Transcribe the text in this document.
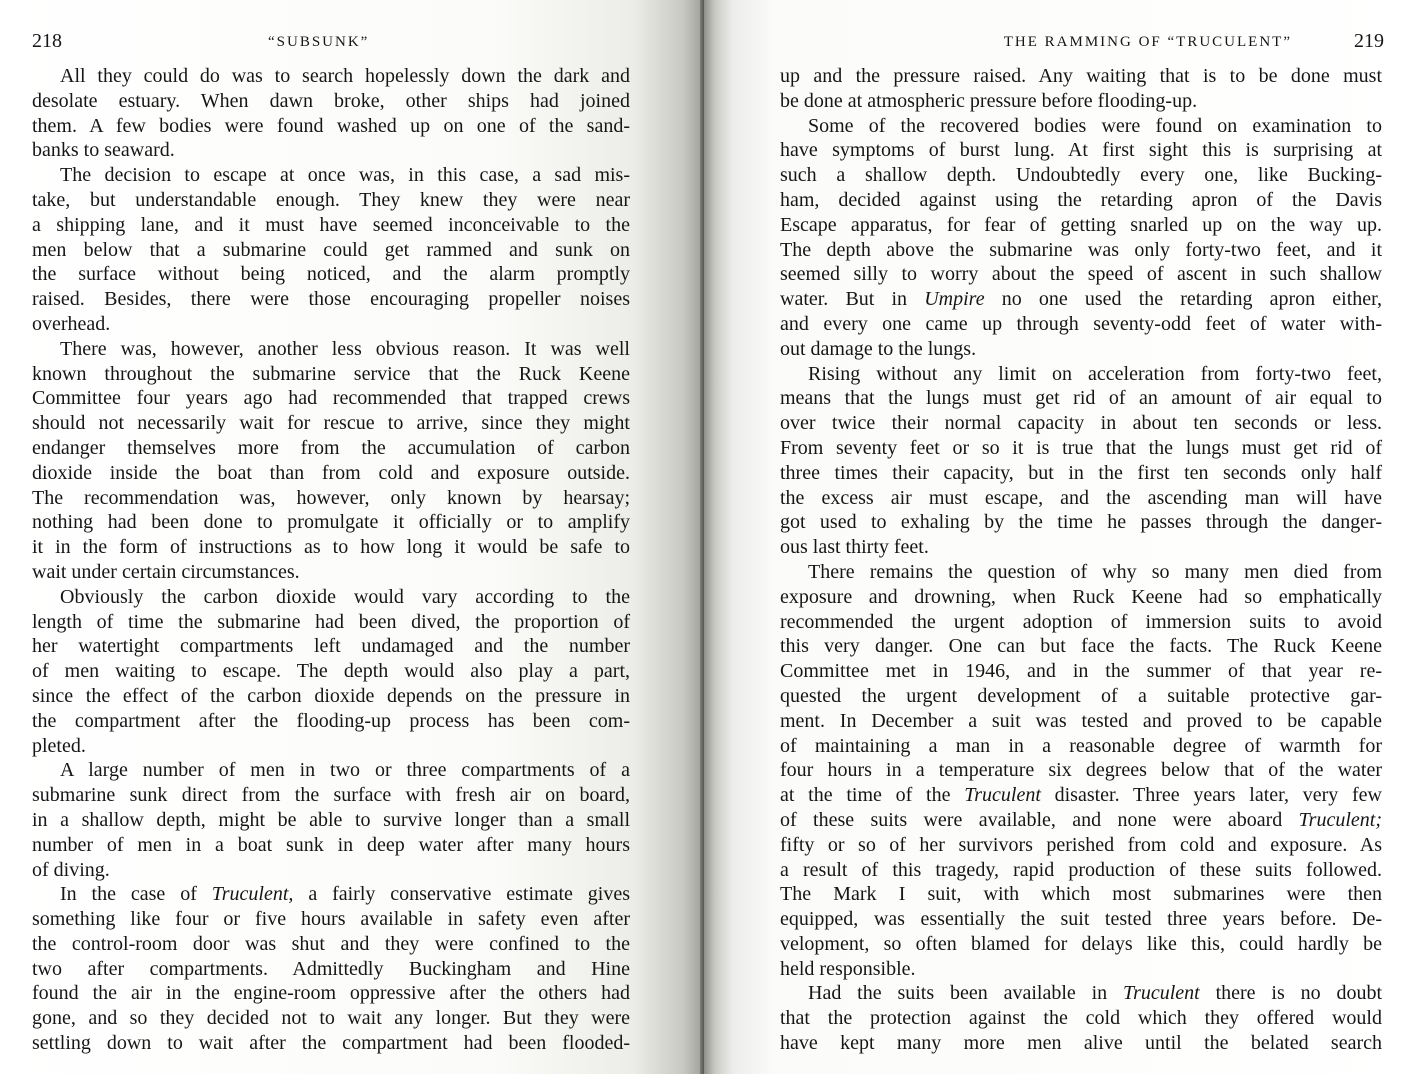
218	“SUBSUNK”
All they could do was to search hopelessly down the dark and
desolate estuary. When dawn broke, other ships had joined
them. A few bodies were found washed up on one of the sand-
banks to seaward.
The decision to escape at once was, in this case, a sad mis-
take, but understandable enough. They knew they were near
a shipping lane, and it must have seemed inconceivable to the
men below that a submarine could get rammed and sunk on
the surface without being noticed, and the alarm promptly
raised. Besides, there were those encouraging propeller noises
overhead.
There was, however, another less obvious reason. It was well
known throughout the submarine service that the Ruck Keene
Committee four years ago had recommended that trapped crews
should not necessarily wait for rescue to arrive, since they might
endanger themselves more from the accumulation of carbon
dioxide inside the boat than from cold and exposure outside.
The recommendation was, however, only known by hearsay;
nothing had been done to promulgate it officially or to amplify
it in the form of instructions as to how long it would be safe to
wait under certain circumstances.
Obviously the carbon dioxide would vary according to the
length of time the submarine had been dived, the proportion of
her watertight compartments left undamaged and the number
of men waiting to escape. The depth would also play a part,
since the effect of the carbon dioxide depends on the pressure in
the compartment after the flooding-up process has been com-
pleted.
A large number of men in two or three compartments of a
submarine sunk direct from the surface with fresh air on board,
in a shallow depth, might be able to survive longer than a small
number of men in a boat sunk in deep water after many hours
of diving.
In the case of Truculent, a fairly conservative estimate gives
something like four or five hours available in safety even after
the control-room door was shut and they were confined to the
two after compartments. Admittedly Buckingham and Hine
found the air in the engine-room oppressive after the others had
gone, and so they decided not to wait any longer. But they were
settling down to wait after the compartment had been flooded-
THE RAMMING OF “TRUCULENT”	219
up and the pressure raised. Any waiting that is to be done must
be done at atmospheric pressure before flooding-up.
Some of the recovered bodies were found on examination to
have symptoms of burst lung. At first sight this is surprising at
such a shallow depth. Undoubtedly every one, like Bucking-
ham, decided against using the retarding apron of the Davis
Escape apparatus, for fear of getting snarled up on the way up.
The depth above the submarine was only forty-two feet, and it
seemed silly to worry about the speed of ascent in such shallow
water. But in Umpire no one used the retarding apron either,
and every one came up through seventy-odd feet of water with-
out damage to the lungs.
Rising without any limit on acceleration from forty-two feet,
means that the lungs must get rid of an amount of air equal to
over twice their normal capacity in about ten seconds or less.
From seventy feet or so it is true that the lungs must get rid of
three times their capacity, but in the first ten seconds only half
the excess air must escape, and the ascending man will have
got used to exhaling by the time he passes through the danger-
ous last thirty feet.
There remains the question of why so many men died from
exposure and drowning, when Ruck Keene had so emphatically
recommended the urgent adoption of immersion suits to avoid
this very danger. One can but face the facts. The Ruck Keene
Committee met in 1946, and in the summer of that year re-
quested the urgent development of a suitable protective gar-
ment. In December a suit was tested and proved to be capable
of maintaining a man in a reasonable degree of warmth for
four hours in a temperature six degrees below that of the water
at the time of the Truculent disaster. Three years later, very few
of these suits were available, and none were aboard Truculent;
fifty or so of her survivors perished from cold and exposure. As
a result of this tragedy, rapid production of these suits followed.
The Mark I suit, with which most submarines were then
equipped, was essentially the suit tested three years before. De-
velopment, so often blamed for delays like this, could hardly be
held responsible.
Had the suits been available in Truculent there is no doubt
that the protection against the cold which they offered would
have kept many more men alive until the belated search
